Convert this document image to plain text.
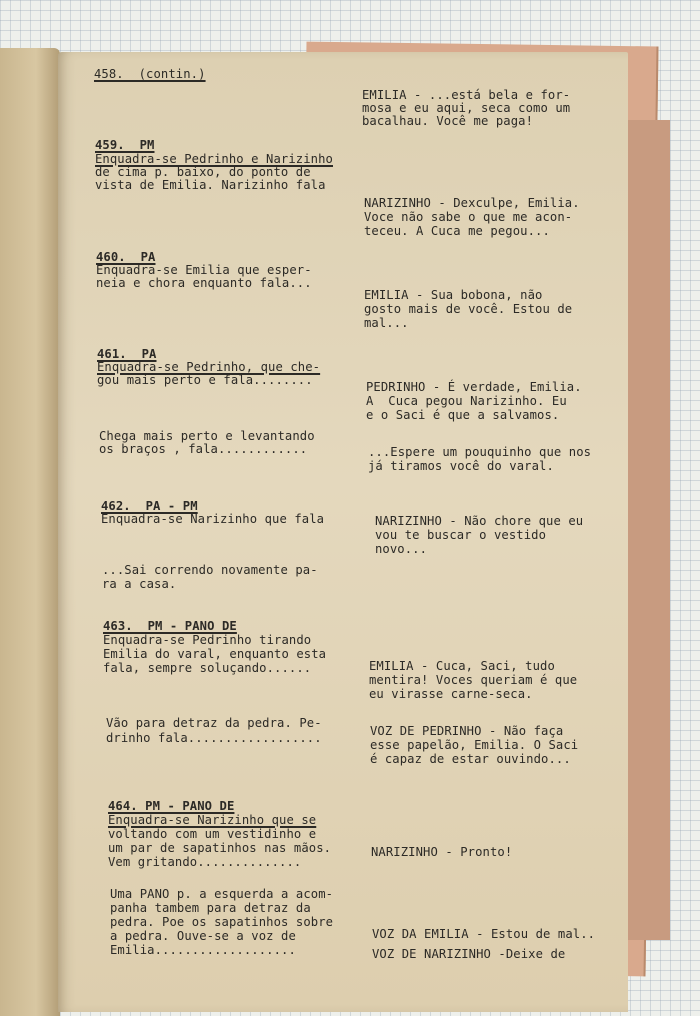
458.  (contin.)
459.  PM
Enquadra-se Pedrinho e Narizinho
de cima p. baixo, do ponto de
vista de Emilia. Narizinho fala
460.  PA
Enquadra-se Emilia que esper-
neia e chora enquanto fala...
461.  PA
Enquadra-se Pedrinho, que che-
gou mais perto e fala........
Chega mais perto e levantando
os braços , fala............
462.  PA - PM
Enquadra-se Narizinho que fala
...Sai correndo novamente pa-
ra a casa.
463.  PM - PANO DE
Enquadra-se Pedrinho tirando
Emilia do varal, enquanto esta
fala, sempre soluçando......
Vão para detraz da pedra. Pe-
drinho fala..................
464. PM - PANO DE
Enquadra-se Narizinho que se
voltando com um vestidinho e
um par de sapatinhos nas mãos.
Vem gritando..............
Uma PANO p. a esquerda a acom-
panha tambem para detraz da
pedra. Poe os sapatinhos sobre
a pedra. Ouve-se a voz de
Emilia...................
EMILIA - ...está bela e for-
mosa e eu aqui, seca como um
bacalhau. Você me paga!
NARIZINHO - Dexculpe, Emilia.
Voce não sabe o que me acon-
teceu. A Cuca me pegou...
EMILIA - Sua bobona, não
gosto mais de você. Estou de
mal...
PEDRINHO - É verdade, Emilia.
A  Cuca pegou Narizinho. Eu
e o Saci é que a salvamos.
...Espere um pouquinho que nos
já tiramos você do varal.
NARIZINHO - Não chore que eu
vou te buscar o vestido
novo...
EMILIA - Cuca, Saci, tudo
mentira! Voces queriam é que
eu virasse carne-seca.
VOZ DE PEDRINHO - Não faça
esse papelão, Emilia. O Saci
é capaz de estar ouvindo...
NARIZINHO - Pronto!
VOZ DA EMILIA - Estou de mal..
VOZ DE NARIZINHO -Deixe de
